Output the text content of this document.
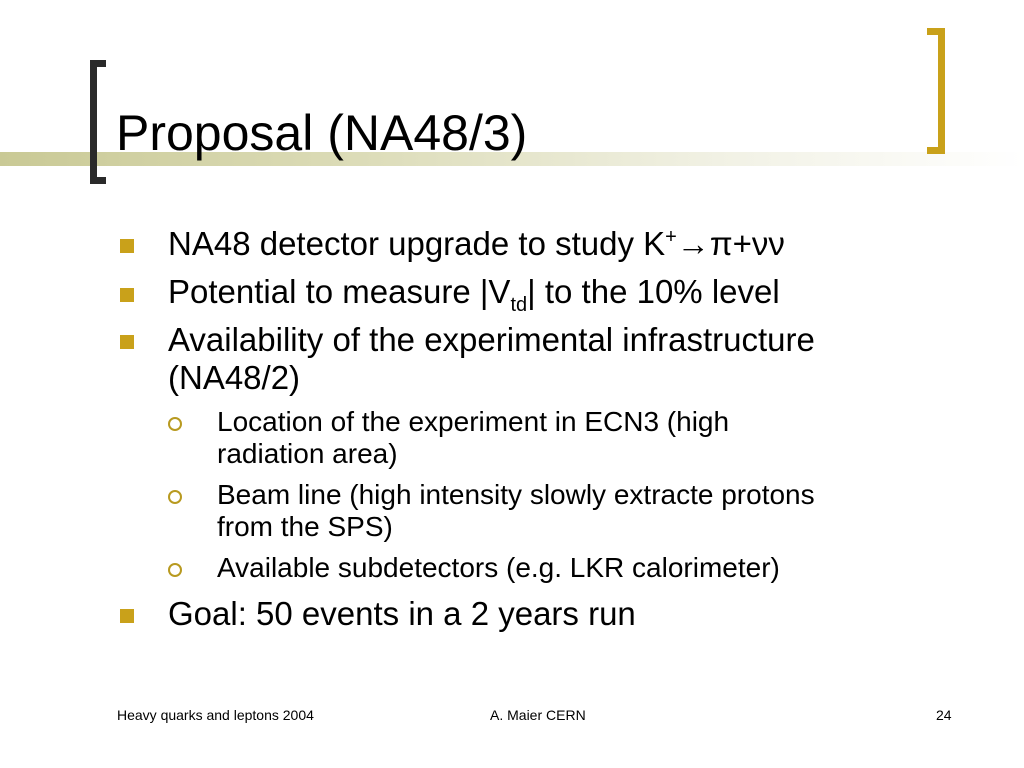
Proposal (NA48/3)
NA48 detector upgrade to study K+→π+νν
Potential to measure $|V_{td}|$ to the 10% level
Availability of the experimental infrastructure
(NA48/2)
Location of the experiment in ECN3 (high
radiation area)
Beam line (high intensity slowly extracte protons
from the SPS)
Available subdetectors (e.g. LKR calorimeter)
Goal: 50 events in a 2 years run
Heavy quarks and leptons 2004	A. Maier CERN	24
